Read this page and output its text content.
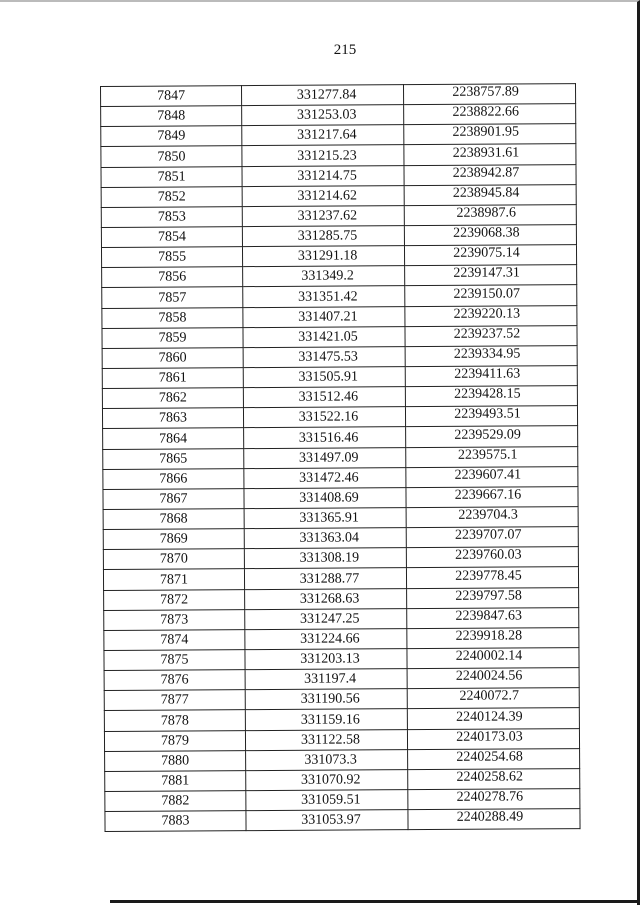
215
7847	331277.84	2238757.89
7848	331253.03	2238822.66
7849	331217.64	2238901.95
7850	331215.23	2238931.61
7851	331214.75	2238942.87
7852	331214.62	2238945.84
7853	331237.62	2238987.6
7854	331285.75	2239068.38
7855	331291.18	2239075.14
7856	331349.2	2239147.31
7857	331351.42	2239150.07
7858	331407.21	2239220.13
7859	331421.05	2239237.52
7860	331475.53	2239334.95
7861	331505.91	2239411.63
7862	331512.46	2239428.15
7863	331522.16	2239493.51
7864	331516.46	2239529.09
7865	331497.09	2239575.1
7866	331472.46	2239607.41
7867	331408.69	2239667.16
7868	331365.91	2239704.3
7869	331363.04	2239707.07
7870	331308.19	2239760.03
7871	331288.77	2239778.45
7872	331268.63	2239797.58
7873	331247.25	2239847.63
7874	331224.66	2239918.28
7875	331203.13	2240002.14
7876	331197.4	2240024.56
7877	331190.56	2240072.7
7878	331159.16	2240124.39
7879	331122.58	2240173.03
7880	331073.3	2240254.68
7881	331070.92	2240258.62
7882	331059.51	2240278.76
7883	331053.97	2240288.49
